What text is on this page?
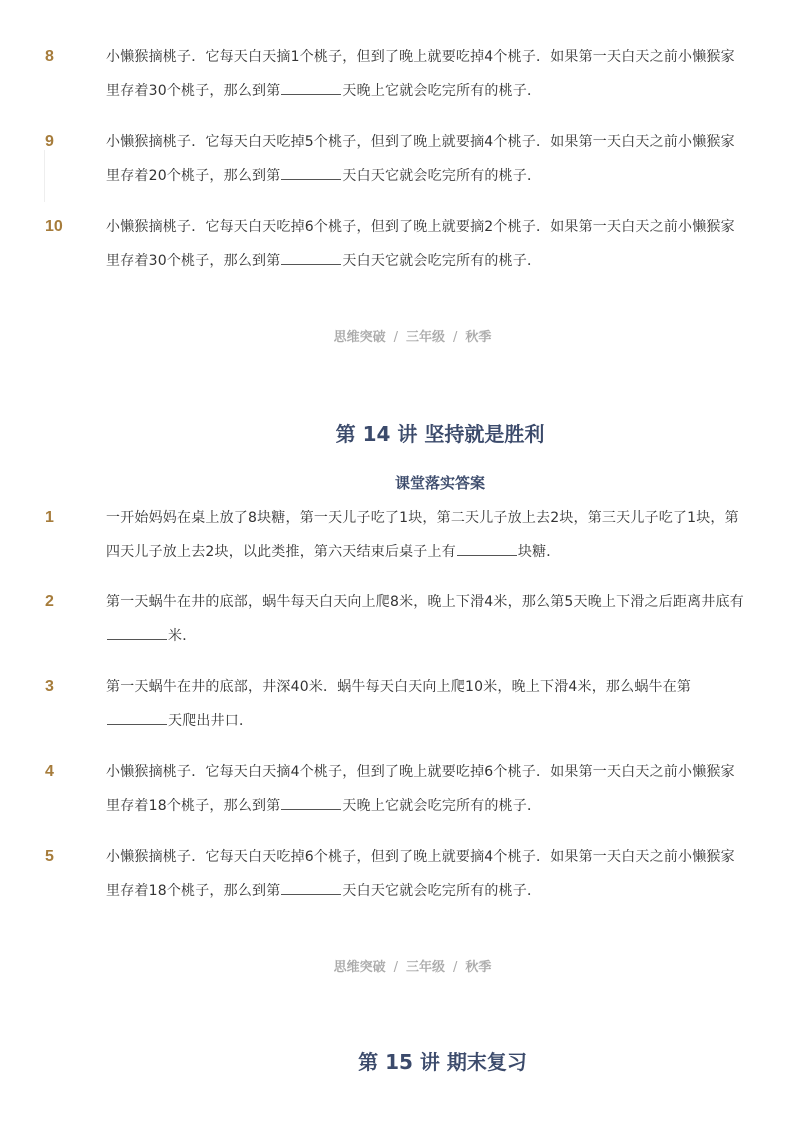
8	小懒猴摘桃子．它每天白天摘1个桃子，但到了晚上就要吃掉4个桃子．如果第一天白天之前小懒猴家里存着30个桃子，那么到第	天晚上它就会吃完所有的桃子．
9	小懒猴摘桃子．它每天白天吃掉5个桃子，但到了晚上就要摘4个桃子．如果第一天白天之前小懒猴家里存着20个桃子，那么到第	天白天它就会吃完所有的桃子．
10	小懒猴摘桃子．它每天白天吃掉6个桃子，但到了晚上就要摘2个桃子．如果第一天白天之前小懒猴家里存着30个桃子，那么到第	天白天它就会吃完所有的桃子．
思维突破 / 三年级 / 秋季
第 14 讲 坚持就是胜利
课堂落实答案
1	一开始妈妈在桌上放了8块糖，第一天儿子吃了1块，第二天儿子放上去2块，第三天儿子吃了1块，第四天儿子放上去2块，以此类推，第六天结束后桌子上有	块糖．
2	第一天蜗牛在井的底部，蜗牛每天白天向上爬8米，晚上下滑4米，那么第5天晚上下滑之后距离井底有米．
3	第一天蜗牛在井的底部，井深40米．蜗牛每天白天向上爬10米，晚上下滑4米，那么蜗牛在第天爬出井口．
4	小懒猴摘桃子．它每天白天摘4个桃子，但到了晚上就要吃掉6个桃子．如果第一天白天之前小懒猴家里存着18个桃子，那么到第	天晚上它就会吃完所有的桃子．
5	小懒猴摘桃子．它每天白天吃掉6个桃子，但到了晚上就要摘4个桃子．如果第一天白天之前小懒猴家里存着18个桃子，那么到第	天白天它就会吃完所有的桃子．
思维突破 / 三年级 / 秋季
第 15 讲 期末复习
